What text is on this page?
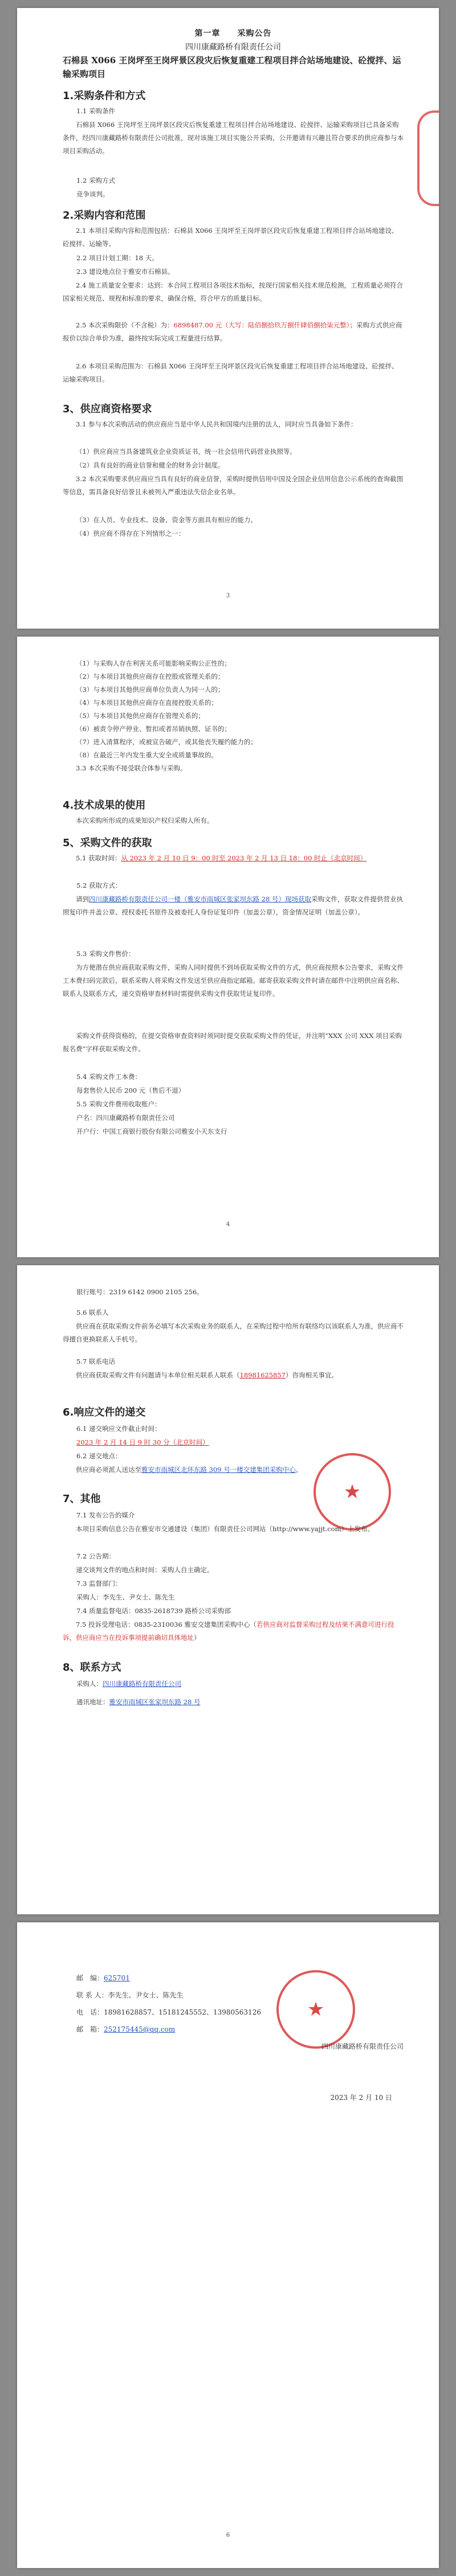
第一章　　采购公告
四川康藏路桥有限责任公司
石棉县 X066 王岗坪至王岗坪景区段灾后恢复重建工程项目拌合站场地建设、砼搅拌、运输采购项目
1.采购条件和方式
1.1 采购条件

石棉县 X066 王岗坪至王岗坪景区段灾后恢复重建工程项目拌合站场地建设、砼搅拌、运输采购项目已具备采购条件，经四川康藏路桥有限责任公司批准，现对该施工项目实施公开采购，公开邀请有兴趣且符合要求的供应商参与本项目采购活动。

1.2 采购方式
竞争谈判。
2.采购内容和范围

2.1 本项目采购内容和范围包括：石棉县 X066 王岗坪至王岗坪景区段灾后恢复重建工程项目拌合站场地建设、砼搅拌、运输等。

2.2 项目计划工期：18 天。
2.3 建设地点位于雅安市石棉县。

2.4 施工质量安全要求：达到：本合同工程项目各项技术指标，按现行国家相关技术规范检测，工程质量必须符合国家相关规范、规程和标准的要求，确保合格，符合甲方的质量目标。

2.5 本次采购限价（不含税）为：6898487.00 元（大写：陆佰捌拾玖万捌仟肆佰捌拾柒元整）；采购方式供应商报价以综合单价为准，最终按实际完成工程量进行结算。

2.6 本项目采购范围为：石棉县 X066 王岗坪至王岗坪景区段灾后恢复重建工程项目拌合站场地建设、砼搅拌、运输采购项目。

3、供应商资格要求

3.1 参与本次采购活动的供应商应当是中华人民共和国境内注册的法人，同时应当具备如下条件：

（1）供应商应当具备建筑业企业资质证书，统一社会信用代码营业执照等。

（2）具有良好的商业信誉和健全的财务会计制度。

3.2 本次采购要求供应商应当具有良好的商业信誉，采购时提供信用中国及全国企业信用信息公示系统的查询截图等信息，需具备良好信誉且未被列入严重违法失信企业名单。

（3）在人员、专业技术、设备、资金等方面具有相应的能力。

（4）供应商不得存在下列情形之一：

3

（1）与采购人存在利害关系可能影响采购公正性的；

（2）与本项目其他供应商存在控股或管理关系的；

（3）与本项目其他供应商单位负责人为同一人的；

（4）与本项目其他供应商存在直接控股关系的；

（5）与本项目其他供应商存在管理关系的；

（6）被责令停产停业、暂扣或者吊销执照、证书的；

（7）进入清算程序，或被宣告破产，或其他丧失履约能力的；

（8）在最近三年内发生重大安全或质量事故的。

3.3 本次采购不接受联合体参与采购。

4.技术成果的使用

本次采购所形成的成果知识产权归采购人所有。

5、采购文件的获取

5.1 获取时间：从 2023 年 2 月 10 日 9：00 时至 2023 年 2 月 13 日 18：00 时止（北京时间）

5.2 获取方式：

请到四川康藏路桥有限责任公司一楼（雅安市雨城区张家坝东路 28 号）现场获取采购文件，获取文件提供营业执照复印件并盖公章、授权委托书原件及被委托人身份证复印件（加盖公章），资金情况证明（加盖公章）。

5.3 采购文件售价：

为方便潜在供应商获取采购文件，采购人同时提供不到场获取采购文件的方式，供应商按照本公告要求，采购文件工本费扫码完款后，联系采购人将采购文件发送至供应商指定邮箱。邮寄获取采购文件时请在邮件中注明供应商名称、联系人及联系方式，递交资格审查材料时需提供采购文件获取凭证复印件。

采购文件获得资格的，在提交资格审查资料时须同时提交获取采购文件的凭证，并注明“XXX 公司 XXX 项目采购报名费”字样获取采购文件。

5.4 采购文件工本费：
每套售价人民币 200 元（售后不退）
5.5 采购文件费用收取账户：
户名：四川康藏路桥有限责任公司
开户行：中国工商银行股份有限公司雅安小天东支行
4
★
银行账号：2319 6142 0900 2105 256。
5.6 联系人

供应商在获取采购文件前务必填写本次采购业务的联系人，在采购过程中给所有联络均以该联系人为准，供应商不得擅自更换联系人手机号。

5.7 联系电话

供应商获取采购文件有问题请与本单位相关联系人联系（18981625857）咨询相关事宜。

6.响应文件的递交
6.1 递交响应文件截止时间：
2023 年 2 月 14 日 9 时 30 分（北京时间）
6.2 递交地点：

供应商必须派人送达至雅安市雨城区北环东路 309 号一楼交建集团采购中心。

7、其他
7.1 发布公告的媒介

本项目采购信息公告在雅安市交通建设（集团）有限责任公司网站（http://www.yajjt.com）上发布。

7.2 公告期：

递交谈判文件的地点和时间：采购人自主确定。

7.3 监督部门：
采购人：李先生、尹女士、陈先生
7.4 质量监督电话：0835-2618739 路桥公司采购部

7.5 投诉受理电话：0835-2310036 雅安交建集团采购中心（若供应商对监督采购过程及结果不满意可进行投诉，供应商应当在投诉事项提前确切具体地址）

8、联系方式
采购人：四川康藏路桥有限责任公司
通讯地址：雅安市雨城区张家坝东路 28 号
★
邮　编：625701
联 系 人：李先生、尹女士、陈先生
电　话：18981628857、15181245552、13980563126
邮　箱：252175445@qq.com
四川康藏路桥有限责任公司
2023 年 2 月 10 日
6
